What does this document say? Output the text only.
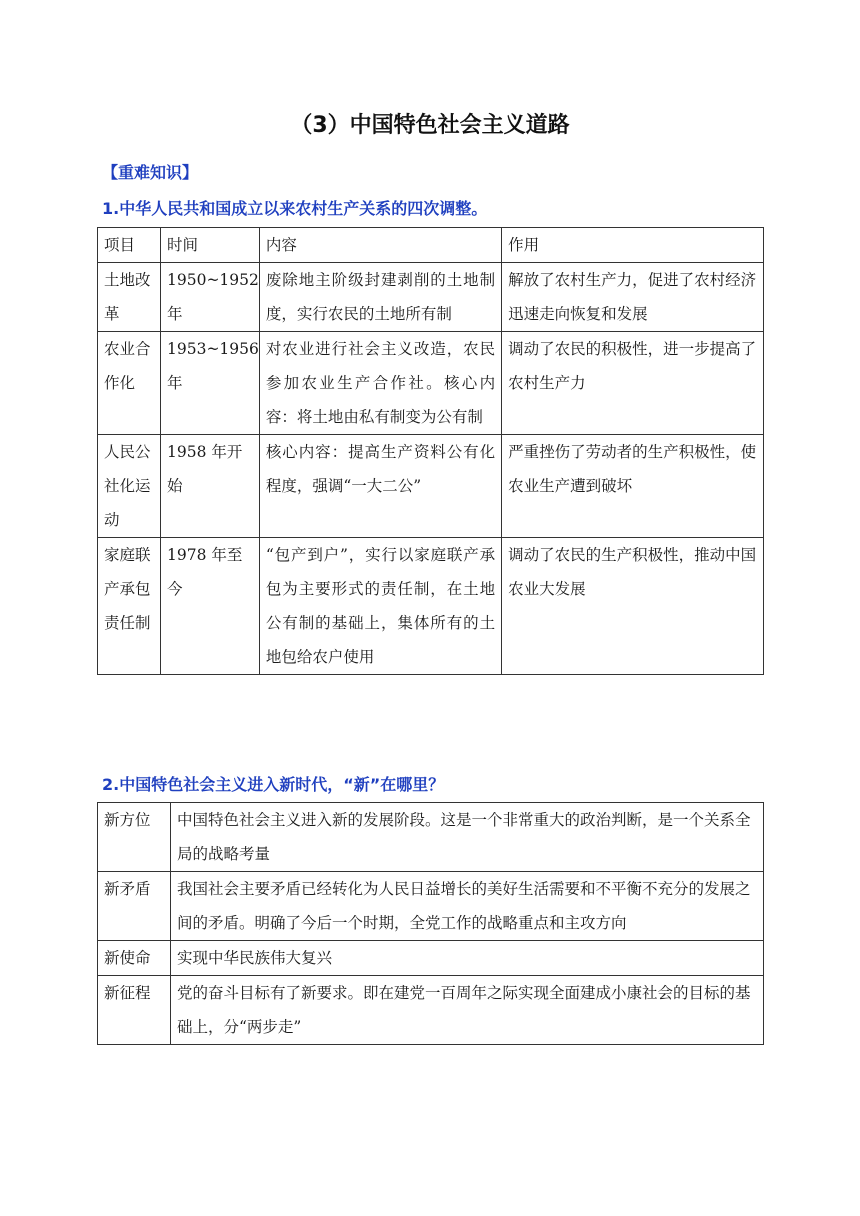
（3）中国特色社会主义道路
【重难知识】
1.中华人民共和国成立以来农村生产关系的四次调整。
项目	时间	内容	作用
土地改革	1950~1952年	废除地主阶级封建剥削的土地制度，实行农民的土地所有制	解放了农村生产力，促进了农村经济迅速走向恢复和发展
农业合作化	1953~1956年	对农业进行社会主义改造，农民参加农业生产合作社。核心内容：将土地由私有制变为公有制	调动了农民的积极性，进一步提高了农村生产力
人民公社化运动	1958 年开始	核心内容：提高生产资料公有化程度，强调“一大二公”	严重挫伤了劳动者的生产积极性，使农业生产遭到破坏
家庭联产承包责任制	1978 年至今	“包产到户”，实行以家庭联产承包为主要形式的责任制，在土地公有制的基础上，集体所有的土地包给农户使用	调动了农民的生产积极性，推动中国农业大发展
2.中国特色社会主义进入新时代，“新”在哪里？
新方位	中国特色社会主义进入新的发展阶段。这是一个非常重大的政治判断，是一个关系全局的战略考量
新矛盾	我国社会主要矛盾已经转化为人民日益增长的美好生活需要和不平衡不充分的发展之间的矛盾。明确了今后一个时期，全党工作的战略重点和主攻方向
新使命	实现中华民族伟大复兴
新征程	党的奋斗目标有了新要求。即在建党一百周年之际实现全面建成小康社会的目标的基础上，分“两步走”
